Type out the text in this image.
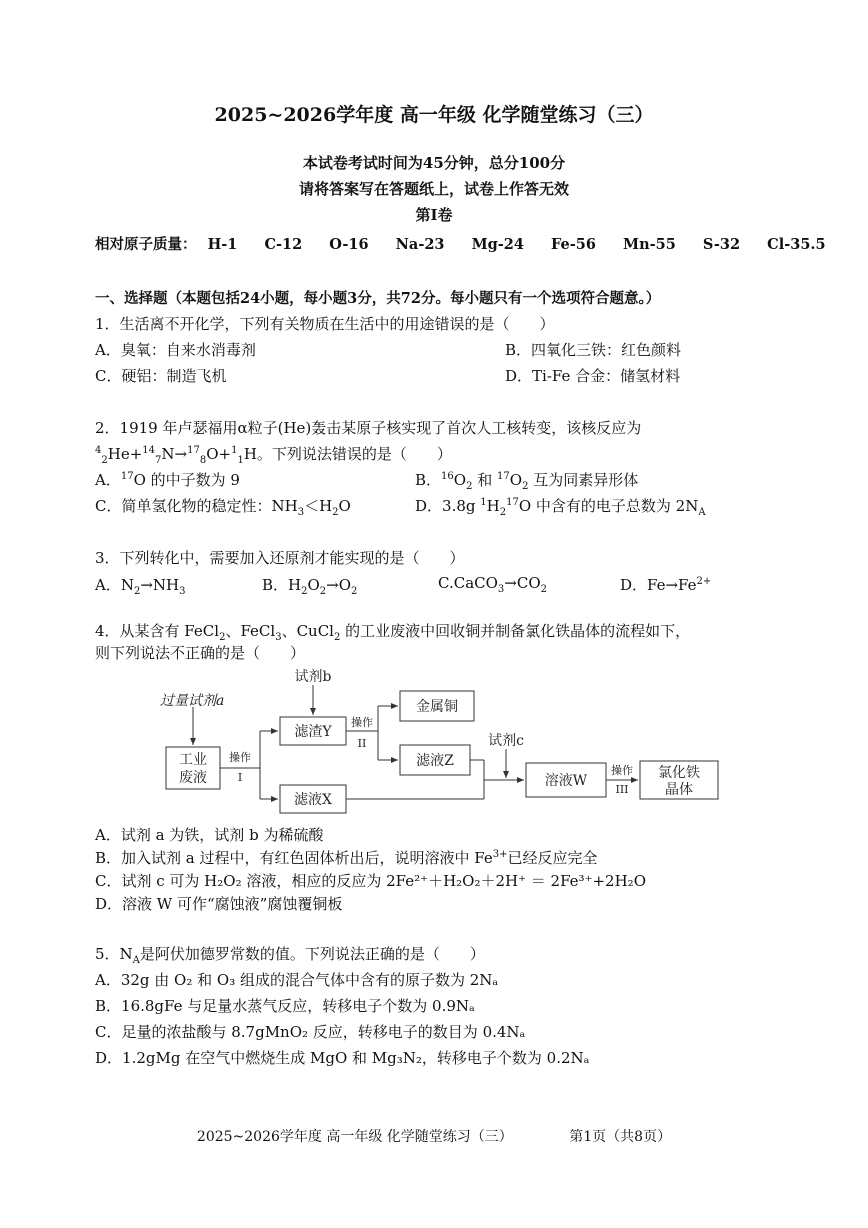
2025~2026学年度 高一年级 化学随堂练习（三）
本试卷考试时间为45分钟，总分100分
请将答案写在答题纸上，试卷上作答无效
第I卷
相对原子质量： H-1 C-12 O-16 Na-23 Mg-24 Fe-56 Mn-55 S-32 Cl-35.5
一、选择题（本题包括24小题，每小题3分，共72分。每小题只有一个选项符合题意。）
1．生活离不开化学，下列有关物质在生活中的用途错误的是（　　）
A．臭氧：自来水消毒剂	B．四氧化三铁：红色颜料
C．硬铝：制造飞机	D．Ti-Fe 合金：储氢材料
2．1919 年卢瑟福用α粒子(He)轰击某原子核实现了首次人工核转变，该核反应为
$^4_2$He+$^{14}_7$N→$^{17}_8$O+$^1_1$H。下列说法错误的是（　　）
A．$^{17}$O 的中子数为 9	B．$^{16}O_2$ 和 $^{17}O_2$ 互为同素异形体
C．简单氢化物的稳定性：$NH_3<H_2O$	D．3.8g $^1H_2^{17}O$ 中含有的电子总数为 $2N_A$
3．下列转化中，需要加入还原剂才能实现的是（　　）
A．$N_2\to NH_3$	B．$H_2O_2\to O_2$	$C.CaCO_3\to CO_2$	D．$Fe\to Fe^{2+}$
4．从某含有 FeCl$_2$、FeCl$_3$、CuCl$_2$ 的工业废液中回收铜并制备氯化铁晶体的流程如下，
则下列说法不正确的是（　　）
过量试剂a
工业
废液
操作
I
试剂b
滤渣Y
滤液X
操作
II
金属铜
滤液Z
试剂c
溶液W
操作
III
氯化铁
晶体
A．试剂 a 为铁，试剂 b 为稀硫酸
B．加入试剂 a 过程中，有红色固体析出后，说明溶液中 $Fe^{3+}$已经反应完全
C．试剂 c 可为 H₂O₂ 溶液，相应的反应为 2Fe²⁺＋H₂O₂＋2H⁺ ＝ 2Fe³⁺+2H₂O
D．溶液 W 可作“腐蚀液”腐蚀覆铜板
5．$N_A$是阿伏加德罗常数的值。下列说法正确的是（　　）
A．32g 由 O₂ 和 O₃ 组成的混合气体中含有的原子数为 2Nₐ
B．16.8gFe 与足量水蒸气反应，转移电子个数为 0.9Nₐ
C．足量的浓盐酸与 8.7gMnO₂ 反应，转移电子的数目为 0.4Nₐ
D．1.2gMg 在空气中燃烧生成 MgO 和 Mg₃N₂，转移电子个数为 0.2Nₐ
2025~2026学年度 高一年级 化学随堂练习（三）	第1页（共8页）
